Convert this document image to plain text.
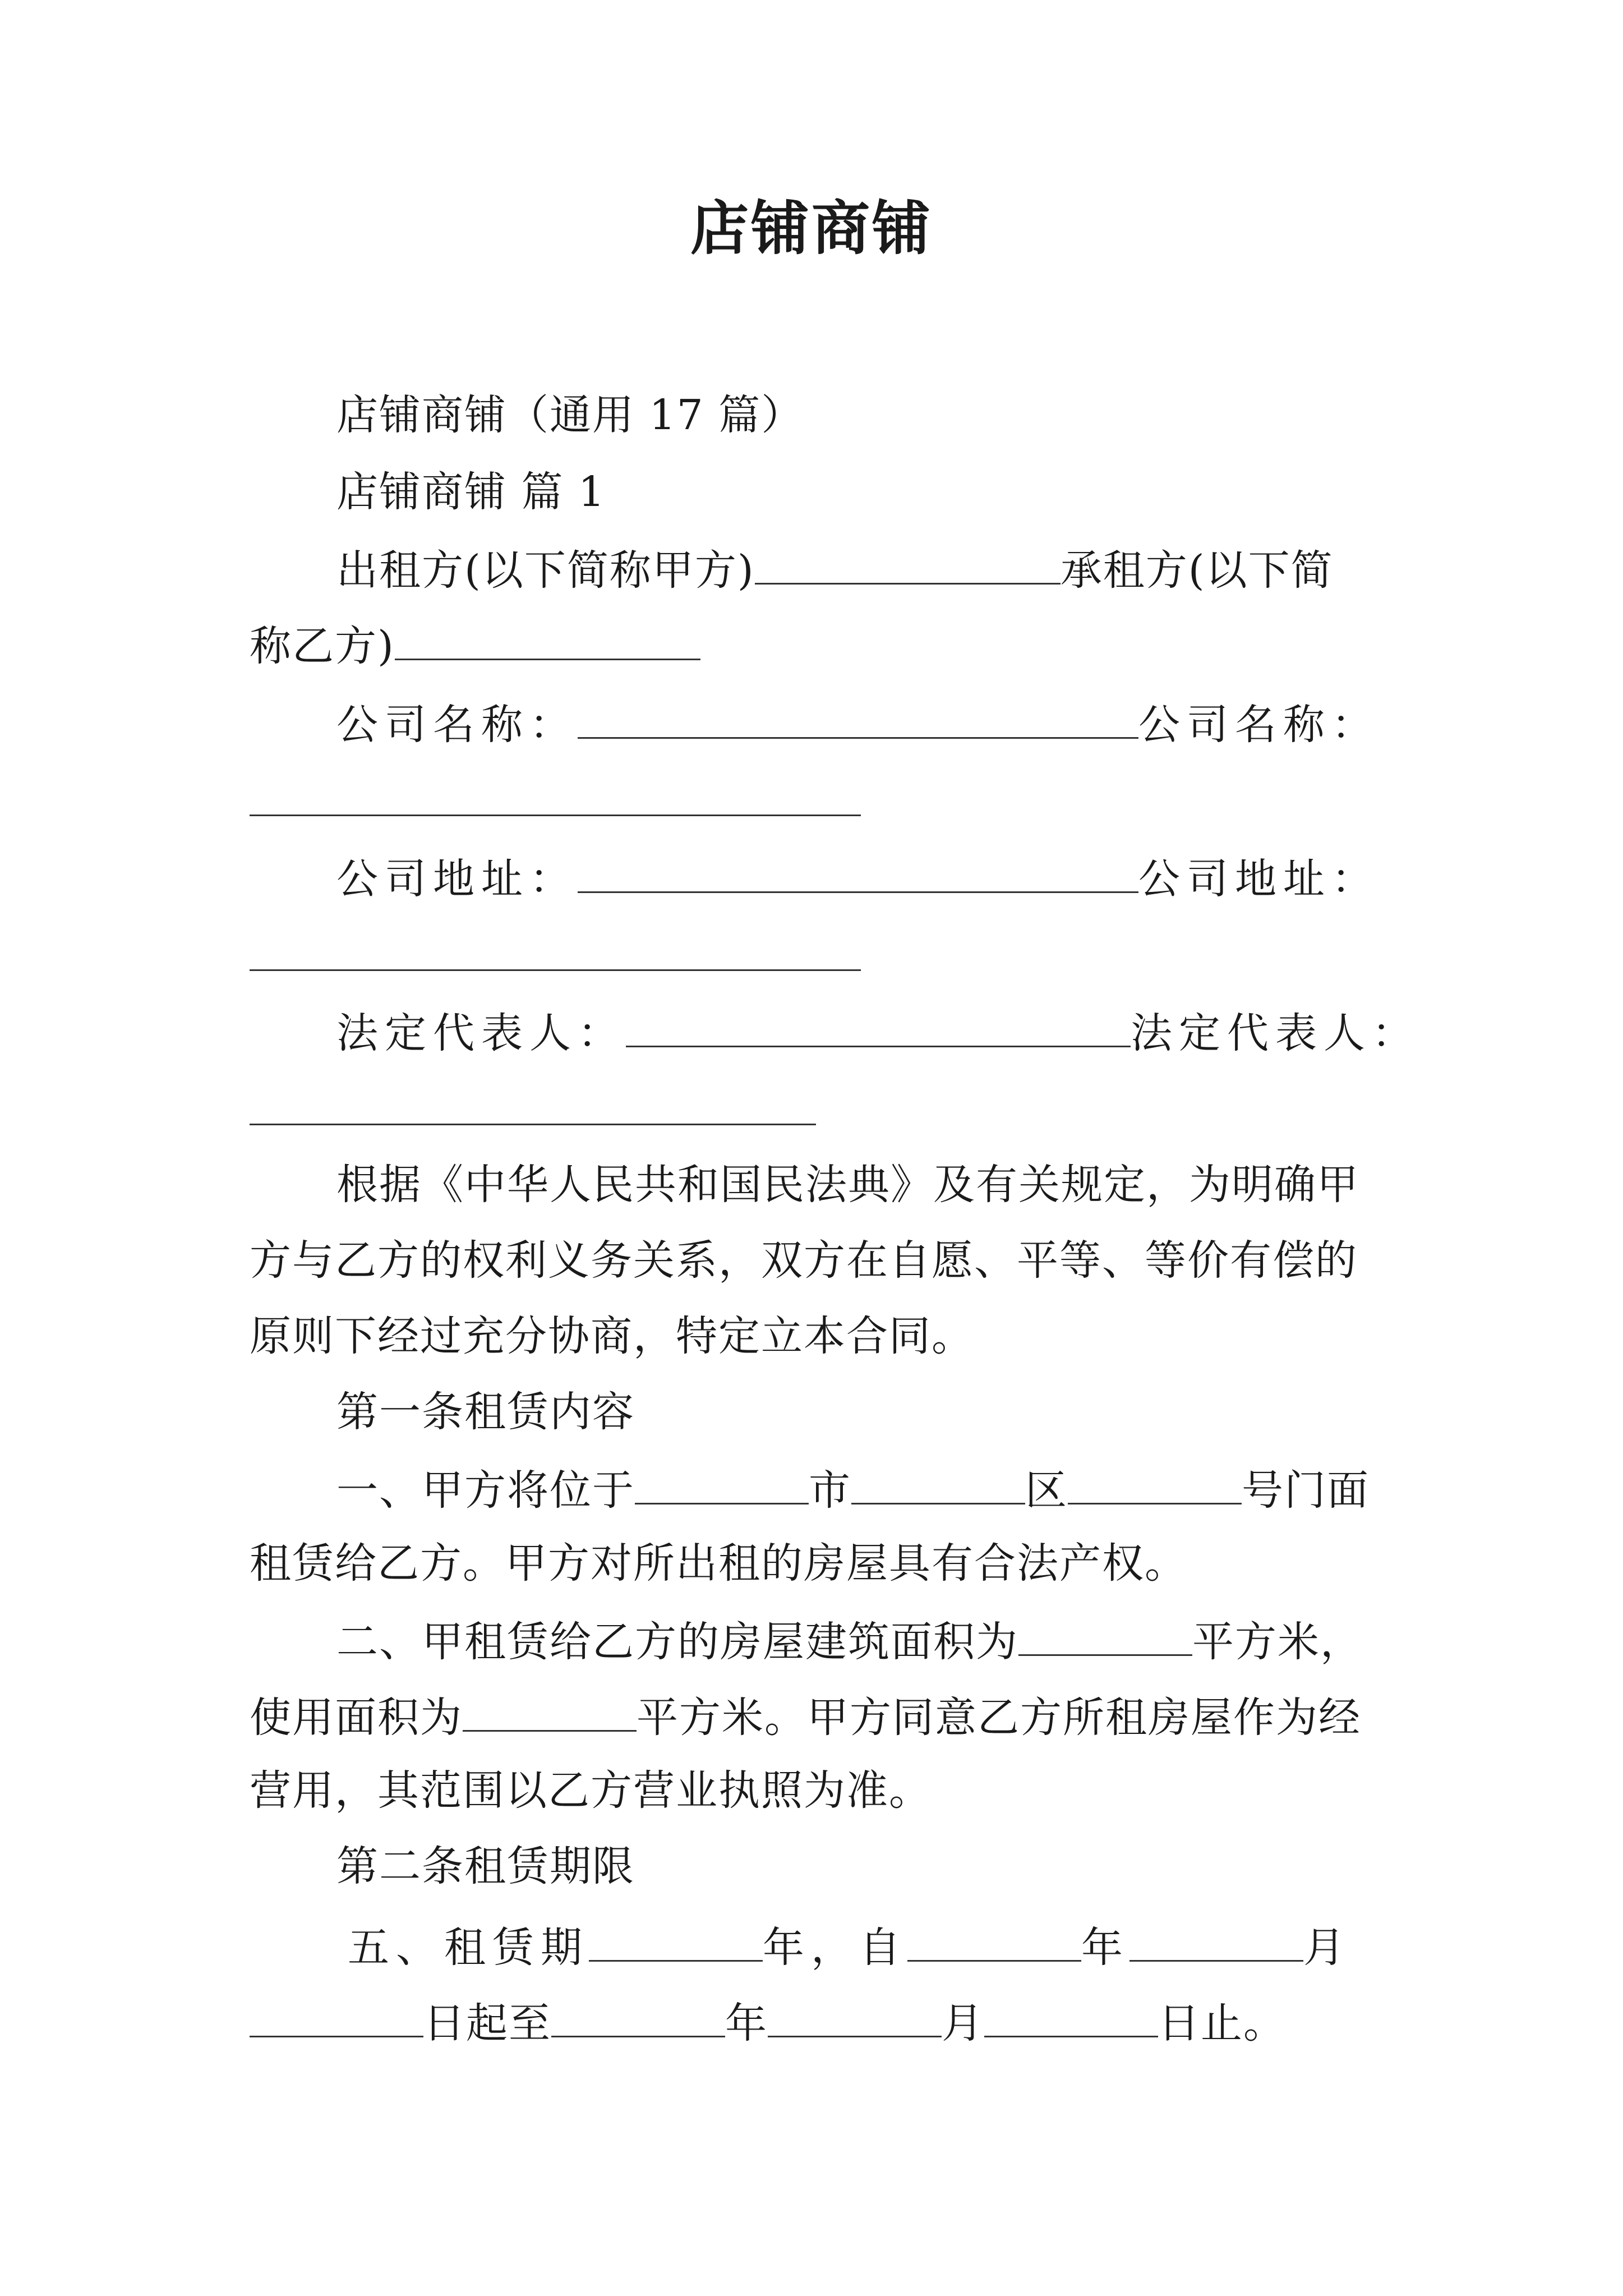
店铺商铺
店铺商铺（通用 17 篇）
店铺商铺 篇 1
出租方(以下简称甲方)	承租方(以下简
称乙方)
公司名称：	公司名称：
公司地址：	公司地址：
法定代表人：	法定代表人：
根据《中华人民共和国民法典》及有关规定，为明确甲
方与乙方的权利义务关系，双方在自愿、平等、等价有偿的
原则下经过充分协商，特定立本合同。
第一条租赁内容
一、甲方将位于	市	区	号门面
租赁给乙方。甲方对所出租的房屋具有合法产权。
二、甲租赁给乙方的房屋建筑面积为	平方米，
使用面积为	平方米。甲方同意乙方所租房屋作为经
营用，其范围以乙方营业执照为准。
第二条租赁期限
五、租赁期	年，自	年	月
日起至	年	月	日止。
